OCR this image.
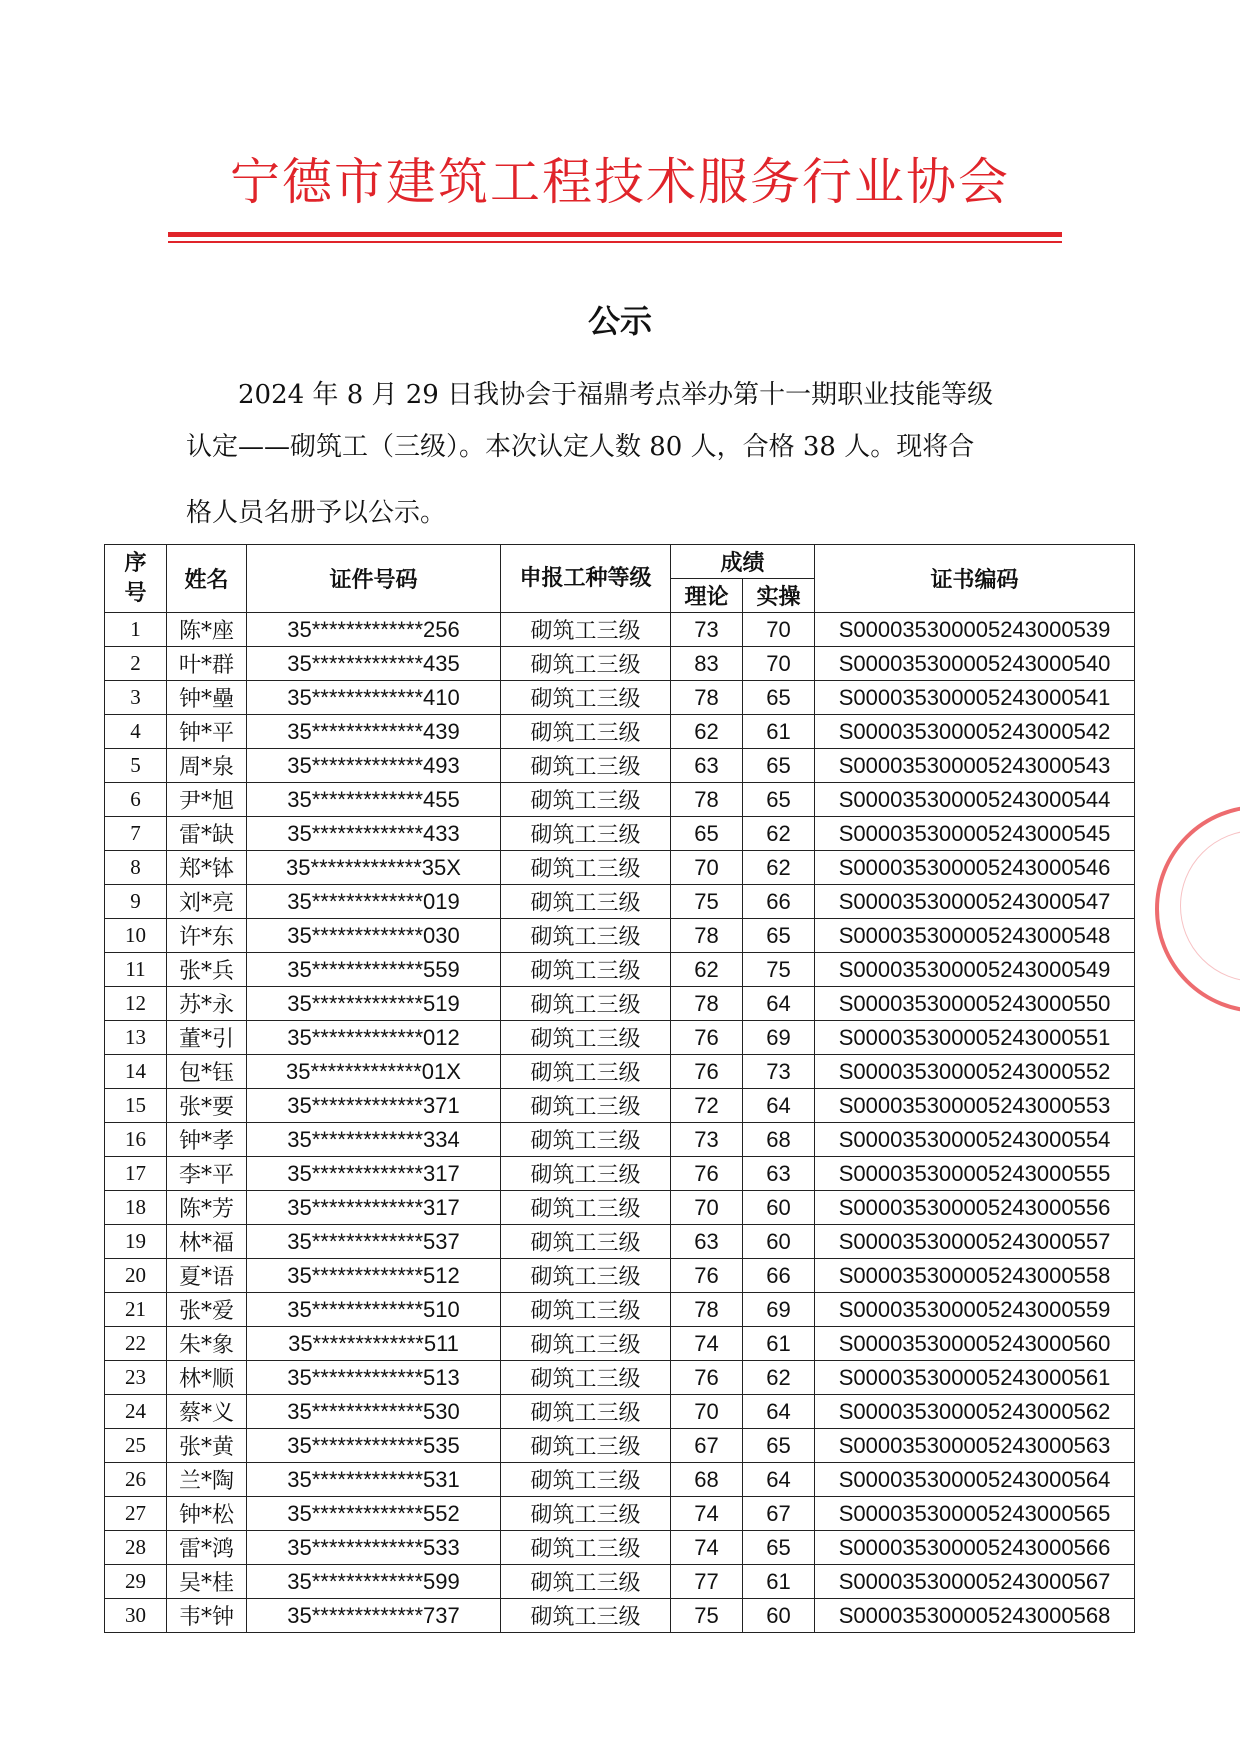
宁德市建筑工程技术服务行业协会
公示
2024 年 8 月 29 日我协会于福鼎考点举办第十一期职业技能等级
认定——砌筑工（三级）。本次认定人数 80 人，合格 38 人。现将合
格人员名册予以公示。
序号	姓名	证件号码	申报工种等级	成绩		证书编码
				理论	实操	
1	陈*座	35*************256	砌筑工三级	73	70	S000035300005243000539
2	叶*群	35*************435	砌筑工三级	83	70	S000035300005243000540
3	钟*壘	35*************410	砌筑工三级	78	65	S000035300005243000541
4	钟*平	35*************439	砌筑工三级	62	61	S000035300005243000542
5	周*泉	35*************493	砌筑工三级	63	65	S000035300005243000543
6	尹*旭	35*************455	砌筑工三级	78	65	S000035300005243000544
7	雷*缺	35*************433	砌筑工三级	65	62	S000035300005243000545
8	郑*钵	35*************35X	砌筑工三级	70	62	S000035300005243000546
9	刘*亮	35*************019	砌筑工三级	75	66	S000035300005243000547
10	许*东	35*************030	砌筑工三级	78	65	S000035300005243000548
11	张*兵	35*************559	砌筑工三级	62	75	S000035300005243000549
12	苏*永	35*************519	砌筑工三级	78	64	S000035300005243000550
13	董*引	35*************012	砌筑工三级	76	69	S000035300005243000551
14	包*钰	35*************01X	砌筑工三级	76	73	S000035300005243000552
15	张*要	35*************371	砌筑工三级	72	64	S000035300005243000553
16	钟*孝	35*************334	砌筑工三级	73	68	S000035300005243000554
17	李*平	35*************317	砌筑工三级	76	63	S000035300005243000555
18	陈*芳	35*************317	砌筑工三级	70	60	S000035300005243000556
19	林*福	35*************537	砌筑工三级	63	60	S000035300005243000557
20	夏*语	35*************512	砌筑工三级	76	66	S000035300005243000558
21	张*爱	35*************510	砌筑工三级	78	69	S000035300005243000559
22	朱*象	35*************511	砌筑工三级	74	61	S000035300005243000560
23	林*顺	35*************513	砌筑工三级	76	62	S000035300005243000561
24	蔡*义	35*************530	砌筑工三级	70	64	S000035300005243000562
25	张*黄	35*************535	砌筑工三级	67	65	S000035300005243000563
26	兰*陶	35*************531	砌筑工三级	68	64	S000035300005243000564
27	钟*松	35*************552	砌筑工三级	74	67	S000035300005243000565
28	雷*鸿	35*************533	砌筑工三级	74	65	S000035300005243000566
29	吴*桂	35*************599	砌筑工三级	77	61	S000035300005243000567
30	韦*钟	35*************737	砌筑工三级	75	60	S000035300005243000568
